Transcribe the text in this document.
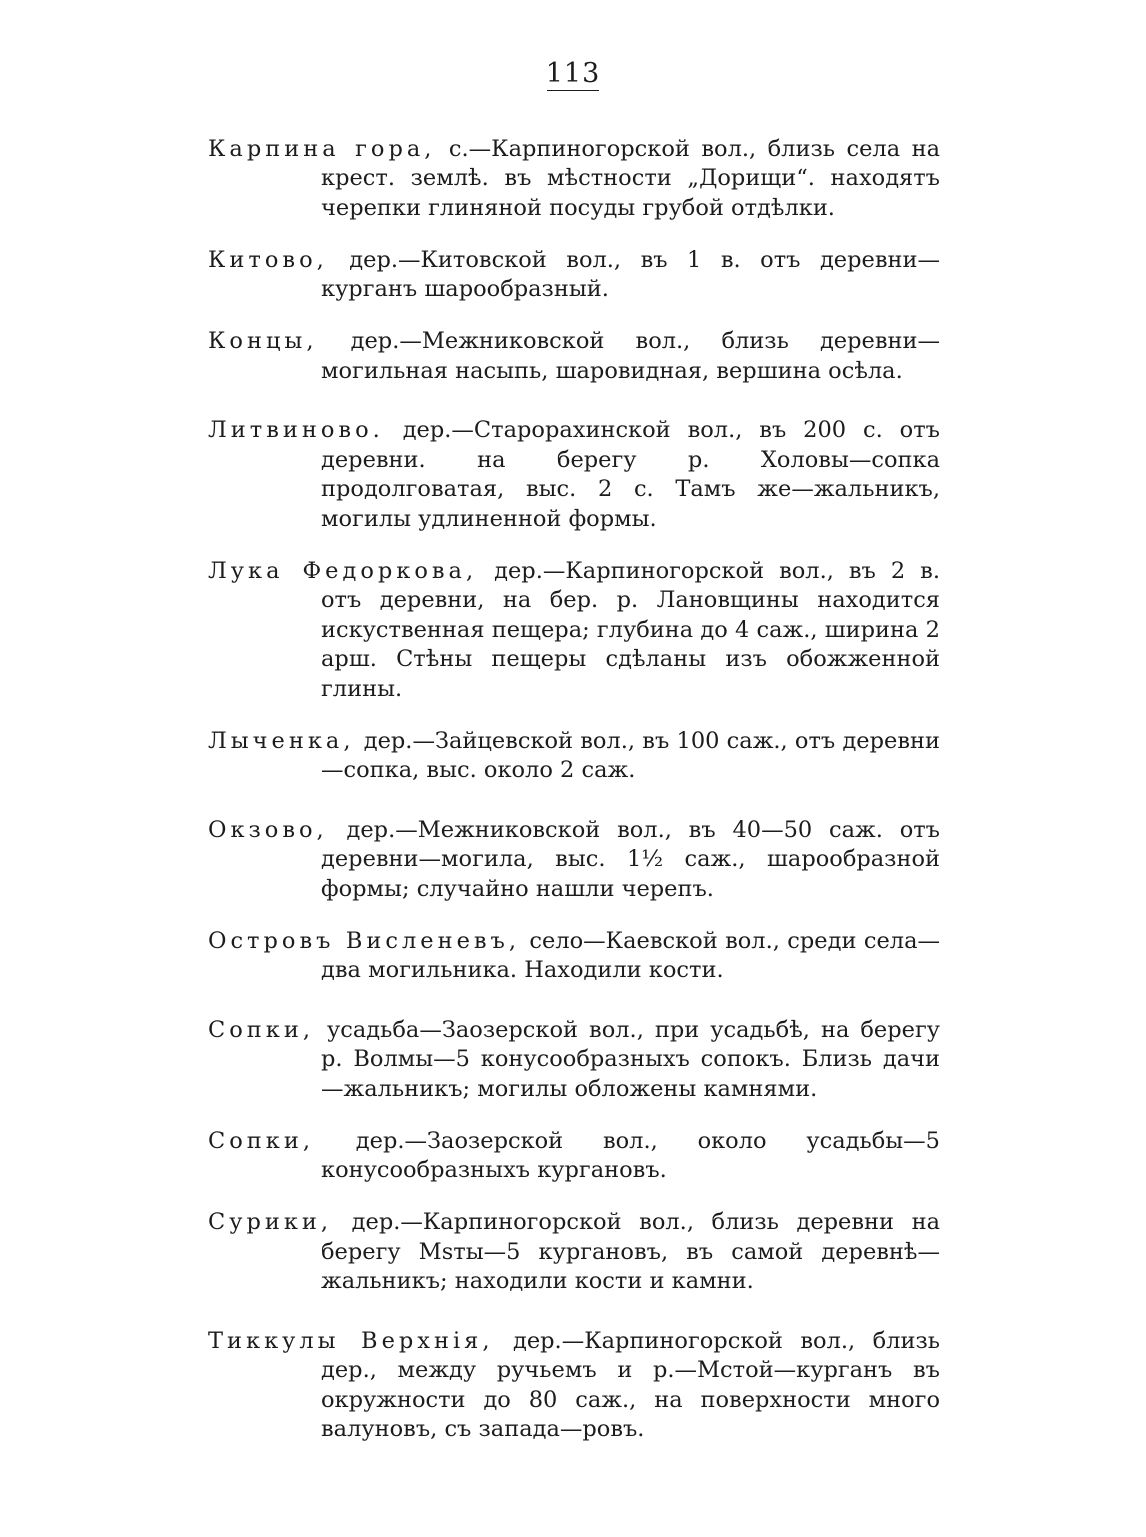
113

Карпина гора, с.—Карпиногорской вол., близь села на крест. землѣ. въ мѣстности „Дорищи“. находятъ черепки глиняной посуды грубой отдѣлки.

Китово, дер.—Китовской вол., въ 1 в. отъ деревни—курганъ шарообразный.

Концы, дер.—Межниковской вол., близь деревни—могильная насыпь, шаровидная, вершина осѣла.

Литвиново. дер.—Старорахинской вол., въ 200 с. отъ деревни. на берегу р. Холовы—сопка продолговатая, выс. 2 с. Тамъ же—жальникъ, могилы удлиненной формы.

Лука Федоркова, дер.—Карпиногорской вол., въ 2 в. отъ деревни, на бер. р. Лановщины находится искуственная пещера; глубина до 4 саж., ширина 2 арш. Стѣны пещеры сдѣланы изъ обожженной глины.

Лыченка, дер.—Зайцевской вол., въ 100 саж., отъ деревни—сопка, выс. около 2 саж.

Окзово, дер.—Межниковской вол., въ 40—50 саж. отъ деревни—могила, выс. 1½ саж., шарообразной формы; случайно нашли черепъ.

Островъ Висленевъ, село—Каевской вол., среди села—два могильника. Находили кости.

Сопки, усадьба—Заозерской вол., при усадьбѣ, на берегу р. Волмы—5 конусообразныхъ сопокъ. Близь дачи—жальникъ; могилы обложены камнями.

Сопки, дер.—Заозерской вол., около усадьбы—5 конусообразныхъ кургановъ.

Сурики, дер.—Карпиногорской вол., близь деревни на берегу Msты—5 кургановъ, въ самой деревнѣ—жальникъ; находили кости и камни.

Тиккулы Верхнія, дер.—Карпиногорской вол., близь дер., между ручьемъ и р.—Мстой—курганъ въ окружности до 80 саж., на поверхности много валуновъ, съ запада—ровъ.
